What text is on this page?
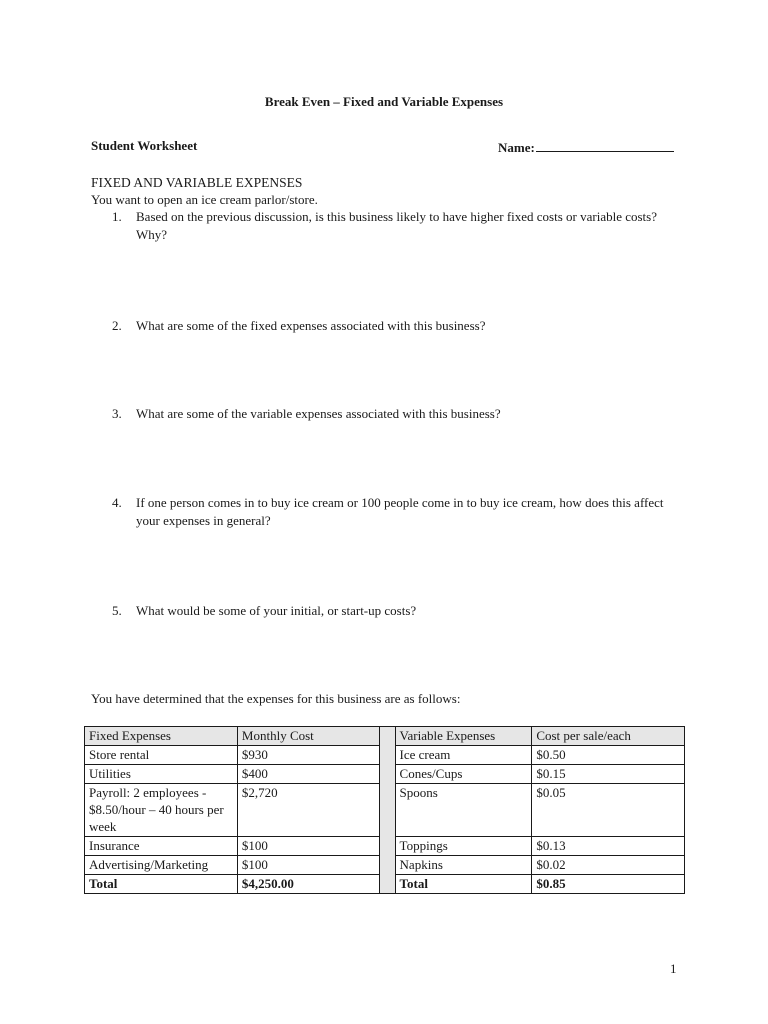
Break Even – Fixed and Variable Expenses
Student Worksheet	Name:
FIXED AND VARIABLE EXPENSES
You want to open an ice cream parlor/store.
1.	Based on the previous discussion, is this business likely to have higher fixed costs or variable costs? Why?
2.	What are some of the fixed expenses associated with this business?
3.	What are some of the variable expenses associated with this business?
4.	If one person comes in to buy ice cream or 100 people come in to buy ice cream, how does this affect your expenses in general?
5.	What would be some of your initial, or start-up costs?
You have determined that the expenses for this business are as follows:
Fixed Expenses	Monthly Cost		Variable Expenses	Cost per sale/each
Store rental	$930		Ice cream	$0.50
Utilities	$400		Cones/Cups	$0.15
Payroll: 2 employees - $8.50/hour – 40 hours per week	$2,720		Spoons	$0.05
Insurance	$100		Toppings	$0.13
Advertising/Marketing	$100		Napkins	$0.02
Total	$4,250.00		Total	$0.85
1
